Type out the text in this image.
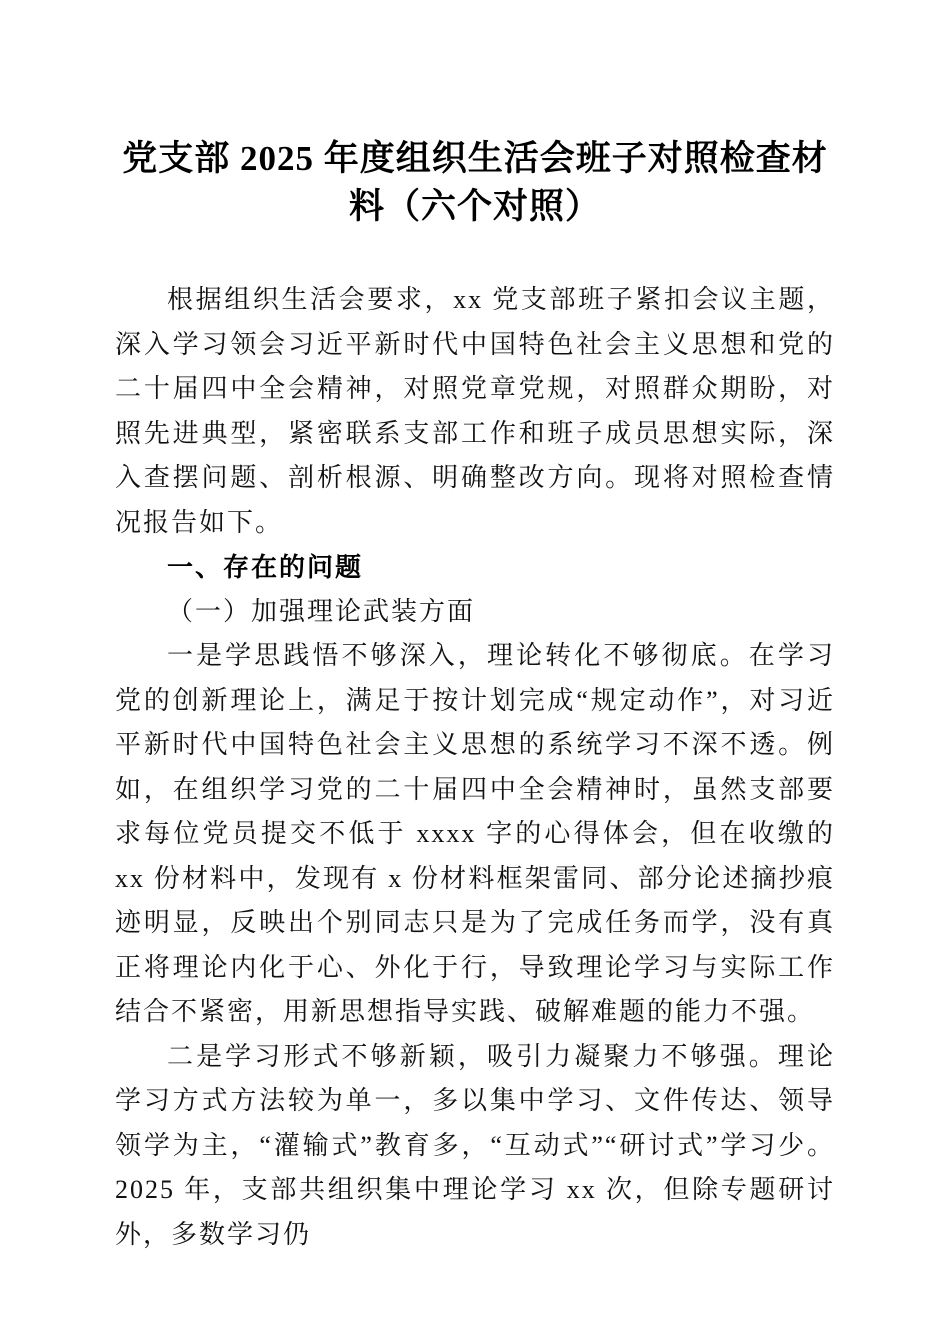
党支部 2025 年度组织生活会班子对照检查材
料（六个对照）

根据组织生活会要求，xx 党支部班子紧扣会议主题，深入学习领会习近平新时代中国特色社会主义思想和党的二十届四中全会精神，对照党章党规，对照群众期盼，对照先进典型，紧密联系支部工作和班子成员思想实际，深入查摆问题、剖析根源、明确整改方向。现将对照检查情况报告如下。

一、存在的问题
（一）加强理论武装方面

一是学思践悟不够深入，理论转化不够彻底。在学习党的创新理论上，满足于按计划完成“规定动作”，对习近平新时代中国特色社会主义思想的系统学习不深不透。例如，在组织学习党的二十届四中全会精神时，虽然支部要求每位党员提交不低于 xxxx 字的心得体会，但在收缴的 xx 份材料中，发现有 x 份材料框架雷同、部分论述摘抄痕迹明显，反映出个别同志只是为了完成任务而学，没有真正将理论内化于心、外化于行，导致理论学习与实际工作结合不紧密，用新思想指导实践、破解难题的能力不强。

二是学习形式不够新颖，吸引力凝聚力不够强。理论学习方式方法较为单一，多以集中学习、文件传达、领导领学为主，“灌输式”教育多，“互动式”“研讨式”学习少。2025 年，支部共组织集中理论学习 xx 次，但除专题研讨外，多数学习仍
